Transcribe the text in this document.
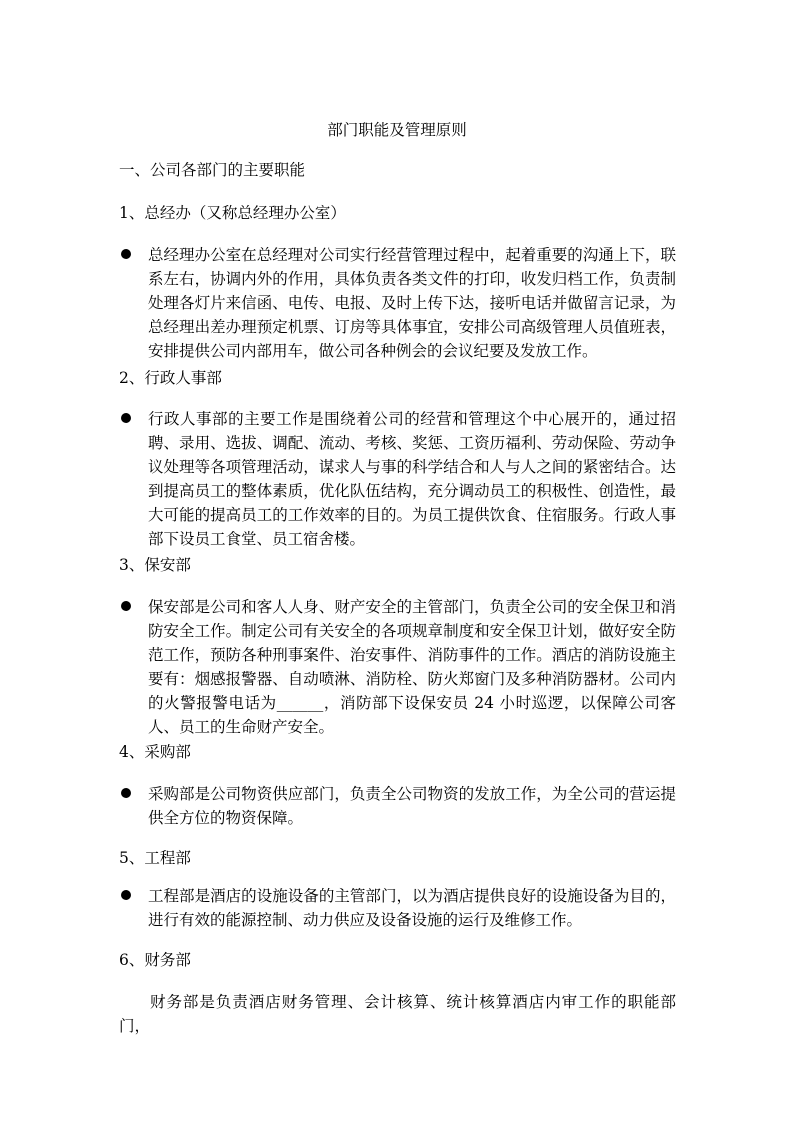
部门职能及管理原则
一、公司各部门的主要职能
1、总经办（又称总经理办公室）
总经理办公室在总经理对公司实行经营管理过程中，起着重要的沟通上下，联系左右，协调内外的作用，具体负责各类文件的打印，收发归档工作，负责制处理各灯片来信函、电传、电报、及时上传下达，接听电话并做留言记录，为总经理出差办理预定机票、订房等具体事宜，安排公司高级管理人员值班表，安排提供公司内部用车，做公司各种例会的会议纪要及发放工作。
2、行政人事部
行政人事部的主要工作是围绕着公司的经营和管理这个中心展开的，通过招聘、录用、选拔、调配、流动、考核、奖惩、工资历福利、劳动保险、劳动争议处理等各项管理活动，谋求人与事的科学结合和人与人之间的紧密结合。达到提高员工的整体素质，优化队伍结构，充分调动员工的积极性、创造性，最大可能的提高员工的工作效率的目的。为员工提供饮食、住宿服务。行政人事部下设员工食堂、员工宿舍楼。
3、保安部
保安部是公司和客人人身、财产安全的主管部门，负责全公司的安全保卫和消防安全工作。制定公司有关安全的各项规章制度和安全保卫计划，做好安全防范工作，预防各种刑事案件、治安事件、消防事件的工作。酒店的消防设施主要有：烟感报警器、自动喷淋、消防栓、防火郑窗门及多种消防器材。公司内的火警报警电话为______，消防部下设保安员 24 小时巡逻，以保障公司客人、员工的生命财产安全。
4、采购部
采购部是公司物资供应部门，负责全公司物资的发放工作，为全公司的营运提供全方位的物资保障。
5、工程部
工程部是酒店的设施设备的主管部门，以为酒店提供良好的设施设备为目的，进行有效的能源控制、动力供应及设备设施的运行及维修工作。
6、财务部
财务部是负责酒店财务管理、会计核算、统计核算酒店内审工作的职能部门，
